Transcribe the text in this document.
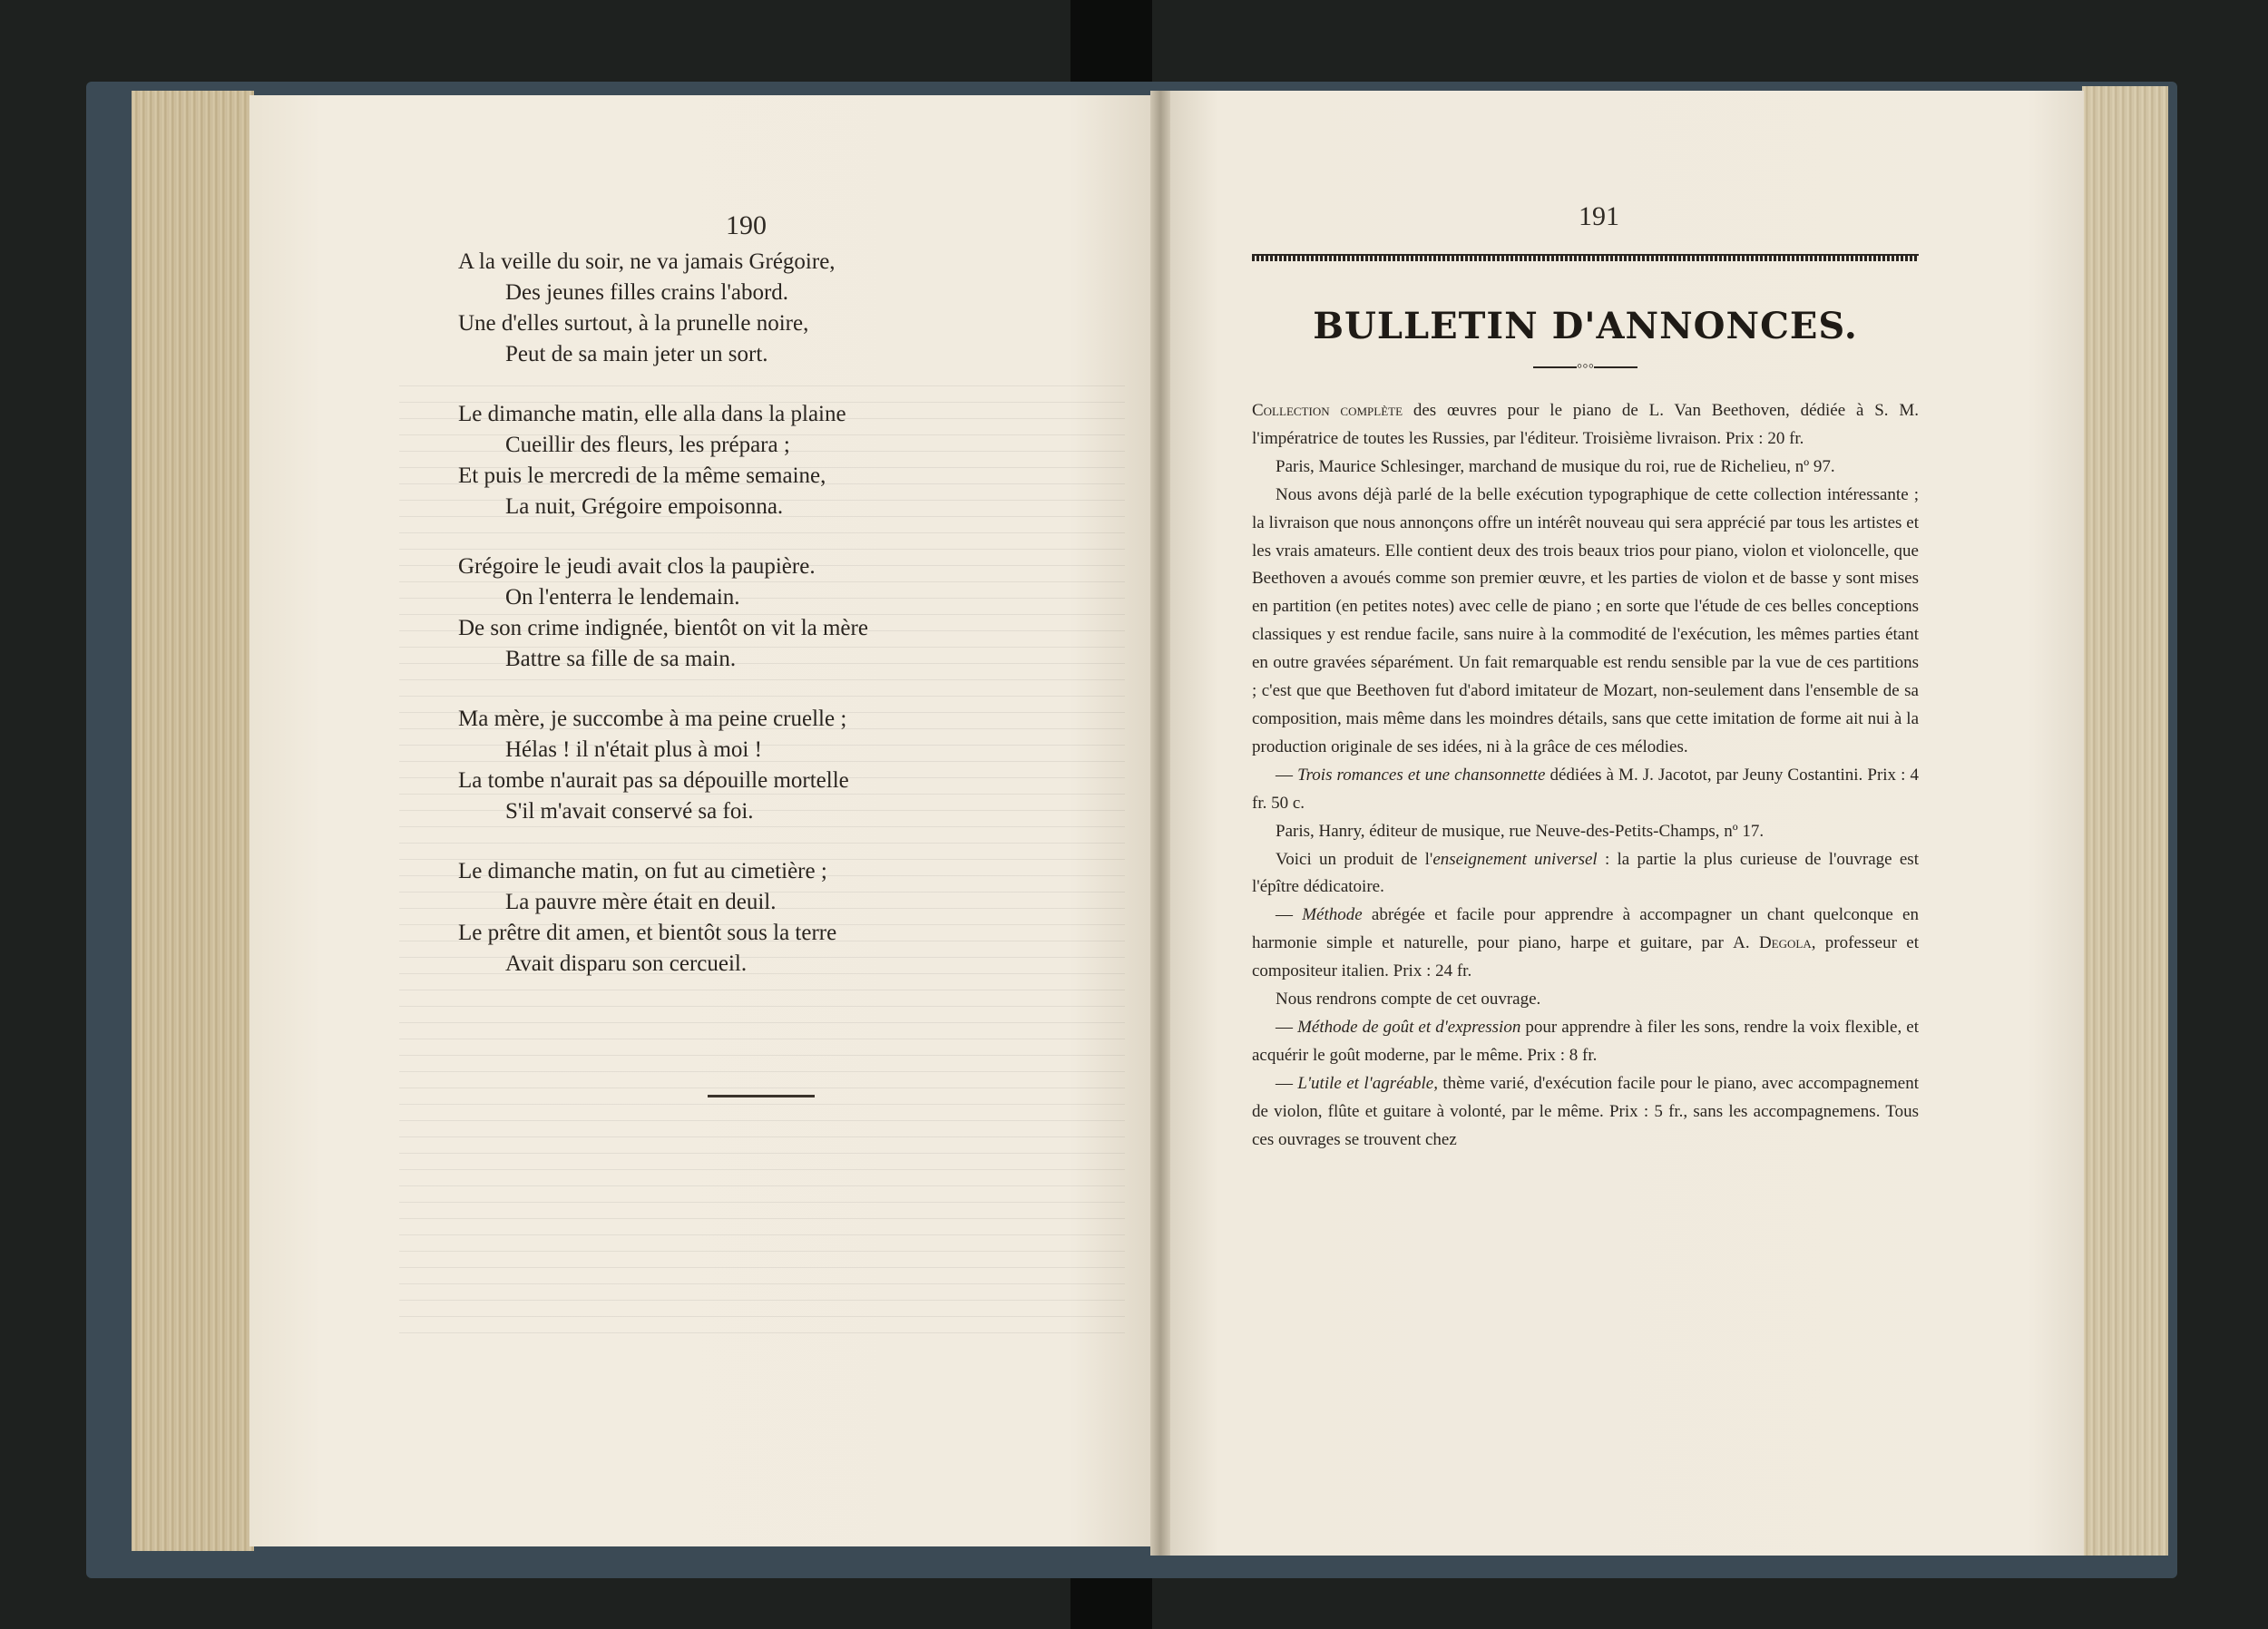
190
A la veille du soir, ne va jamais Grégoire,
Des jeunes filles crains l'abord.
Une d'elles surtout, à la prunelle noire,
Peut de sa main jeter un sort.
Le dimanche matin, elle alla dans la plaine
Cueillir des fleurs, les prépara ;
Et puis le mercredi de la même semaine,
La nuit, Grégoire empoisonna.
Grégoire le jeudi avait clos la paupière.
On l'enterra le lendemain.
De son crime indignée, bientôt on vit la mère
Battre sa fille de sa main.
Ma mère, je succombe à ma peine cruelle ;
Hélas ! il n'était plus à moi !
La tombe n'aurait pas sa dépouille mortelle
S'il m'avait conservé sa foi.
Le dimanche matin, on fut au cimetière ;
La pauvre mère était en deuil.
Le prêtre dit amen, et bientôt sous la terre
Avait disparu son cercueil.
191
BULLETIN D'ANNONCES.
◦◦◦

Collection complète des œuvres pour le piano de L. Van Beethoven, dédiée à S. M. l'impératrice de toutes les Russies, par l'éditeur. Troisième livraison. Prix : 20 fr.

Paris, Maurice Schlesinger, marchand de musique du roi, rue de Richelieu, nº 97.

Nous avons déjà parlé de la belle exécution typographique de cette collection intéressante ; la livraison que nous annonçons offre un intérêt nouveau qui sera apprécié par tous les artistes et les vrais amateurs. Elle contient deux des trois beaux trios pour piano, violon et violoncelle, que Beethoven a avoués comme son premier œuvre, et les parties de violon et de basse y sont mises en partition (en petites notes) avec celle de piano ; en sorte que l'étude de ces belles conceptions classiques y est rendue facile, sans nuire à la commodité de l'exécution, les mêmes parties étant en outre gravées séparément. Un fait remarquable est rendu sensible par la vue de ces partitions ; c'est que que Beethoven fut d'abord imitateur de Mozart, non-seulement dans l'ensemble de sa composition, mais même dans les moindres détails, sans que cette imitation de forme ait nui à la production originale de ses idées, ni à la grâce de ces mélodies.

— Trois romances et une chansonnette dédiées à M. J. Jacotot, par Jeuny Costantini. Prix : 4 fr. 50 c.

Paris, Hanry, éditeur de musique, rue Neuve-des-Petits-Champs, nº 17.

Voici un produit de l'enseignement universel : la partie la plus curieuse de l'ouvrage est l'épître dédicatoire.

— Méthode abrégée et facile pour apprendre à accompagner un chant quelconque en harmonie simple et naturelle, pour piano, harpe et guitare, par A. Degola, professeur et compositeur italien. Prix : 24 fr.

Nous rendrons compte de cet ouvrage.

— Méthode de goût et d'expression pour apprendre à filer les sons, rendre la voix flexible, et acquérir le goût moderne, par le même. Prix : 8 fr.

— L'utile et l'agréable, thème varié, d'exécution facile pour le piano, avec accompagnement de violon, flûte et guitare à volonté, par le même. Prix : 5 fr., sans les accompagnemens. Tous ces ouvrages se trouvent chez
